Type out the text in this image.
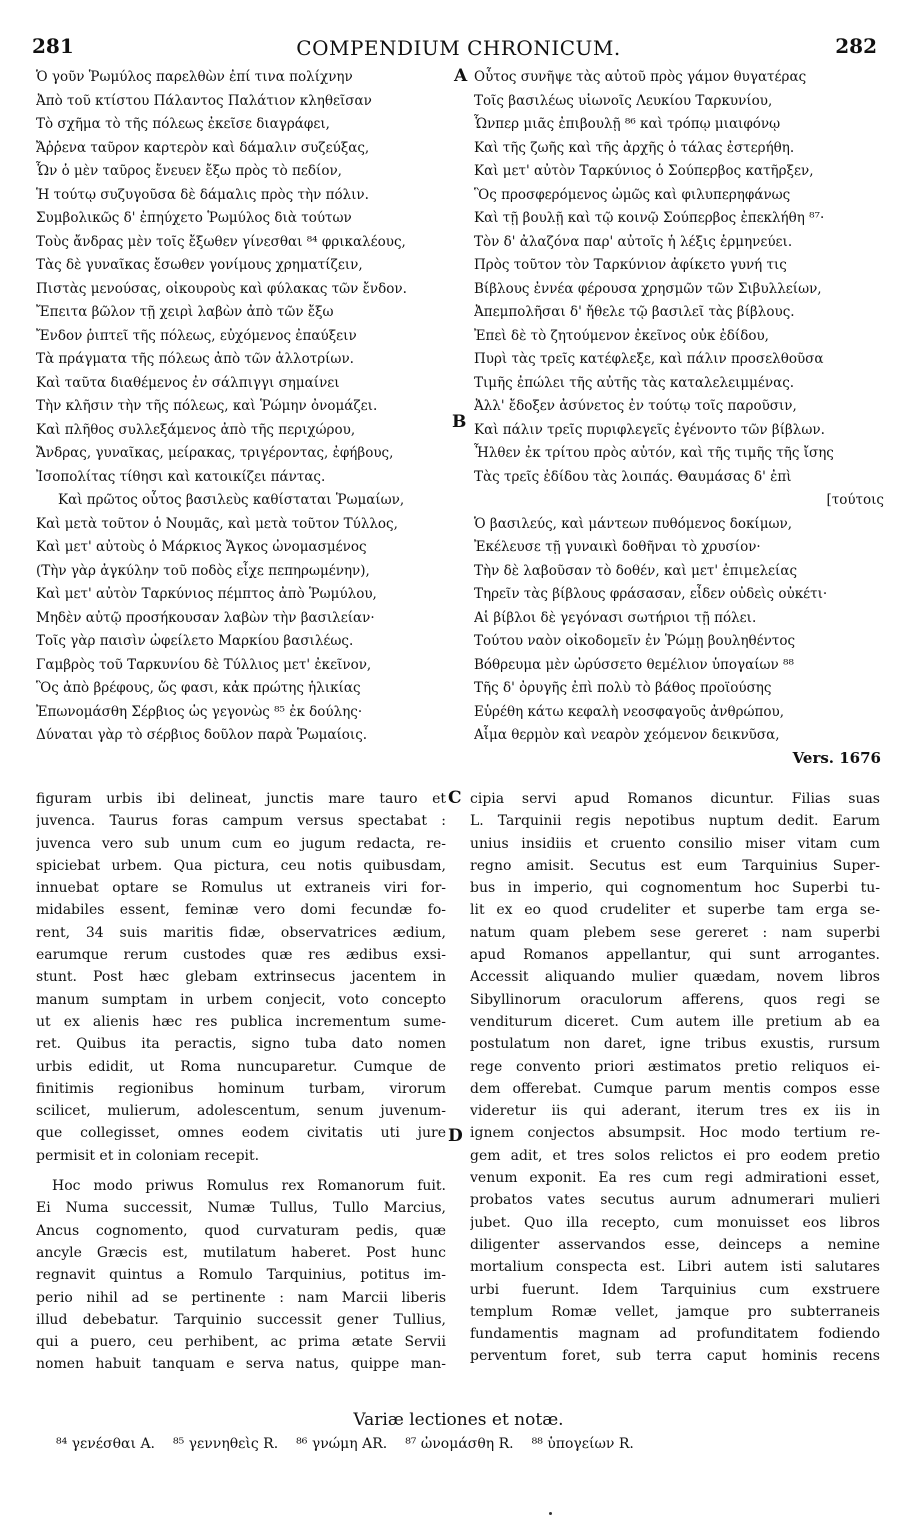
281	COMPENDIUM CHRONICUM.	282
Ὁ γοῦν Ῥωμύλος παρελθὼν ἐπί τινα πολίχνην
Ἀπὸ τοῦ κτίστου Πάλαντος Παλάτιον κληθεῖσαν
Τὸ σχῆμα τὸ τῆς πόλεως ἐκεῖσε διαγράφει,
Ἄῤῥενα ταῦρον καρτερὸν καὶ δάμαλιν συζεύξας,
Ὧν ὁ μὲν ταῦρος ἔνευεν ἔξω πρὸς τὸ πεδίον,
Ἡ τούτῳ συζυγοῦσα δὲ δάμαλις πρὸς τὴν πόλιν.
Συμβολικῶς δ' ἐπηύχετο Ῥωμύλος διὰ τούτων
Τοὺς ἄνδρας μὲν τοῖς ἔξωθεν γίνεσθαι ⁸⁴ φρικαλέους,
Τὰς δὲ γυναῖκας ἔσωθεν γονίμους χρηματίζειν,
Πιστὰς μενούσας, οἰκουροὺς καὶ φύλακας τῶν ἔνδον.
Ἔπειτα βῶλον τῇ χειρὶ λαβὼν ἀπὸ τῶν ἔξω
Ἔνδον ῥιπτεῖ τῆς πόλεως, εὐχόμενος ἐπαύξειν
Τὰ πράγματα τῆς πόλεως ἀπὸ τῶν ἀλλοτρίων.
Καὶ ταῦτα διαθέμενος ἐν σάλπιγγι σημαίνει
Τὴν κλῆσιν τὴν τῆς πόλεως, καὶ Ῥώμην ὀνομάζει.
Καὶ πλῆθος συλλεξάμενος ἀπὸ τῆς περιχώρου,
Ἄνδρας, γυναῖκας, μείρακας, τριγέροντας, ἐφήβους,
Ἰσοπολίτας τίθησι καὶ κατοικίζει πάντας.
Καὶ πρῶτος οὗτος βασιλεὺς καθίσταται Ῥωμαίων,
Καὶ μετὰ τοῦτον ὁ Νουμᾶς, καὶ μετὰ τοῦτον Τύλλος,
Καὶ μετ' αὐτοὺς ὁ Μάρκιος Ἄγκος ὠνομασμένος
(Τὴν γὰρ ἀγκύλην τοῦ ποδὸς εἶχε πεπηρωμένην),
Καὶ μετ' αὐτὸν Ταρκύνιος πέμπτος ἀπὸ Ῥωμύλου,
Μηδὲν αὐτῷ προσήκουσαν λαβὼν τὴν βασιλείαν·
Τοῖς γὰρ παισὶν ὠφείλετο Μαρκίου βασιλέως.
Γαμβρὸς τοῦ Ταρκυνίου δὲ Τύλλιος μετ' ἐκεῖνον,
Ὃς ἀπὸ βρέφους, ὥς φασι, κἀκ πρώτης ἡλικίας
Ἐπωνομάσθη Σέρβιος ὡς γεγονὼς ⁸⁵ ἐκ δούλης·
Δύναται γὰρ τὸ σέρβιος δοῦλον παρὰ Ῥωμαίοις.
Οὗτος συνῆψε τὰς αὐτοῦ πρὸς γάμον θυγατέρας
Τοῖς βασιλέως υἱωνοῖς Λευκίου Ταρκυνίου,
Ὧνπερ μιᾶς ἐπιβουλῇ ⁸⁶ καὶ τρόπῳ μιαιφόνῳ
Καὶ τῆς ζωῆς καὶ τῆς ἀρχῆς ὁ τάλας ἐστερήθη.
Καὶ μετ' αὐτὸν Ταρκύνιος ὁ Σούπερβος κατῆρξεν,
Ὃς προσφερόμενος ὠμῶς καὶ φιλυπερηφάνως
Καὶ τῇ βουλῇ καὶ τῷ κοινῷ Σούπερβος ἐπεκλήθη ⁸⁷·
Τὸν δ' ἀλαζόνα παρ' αὐτοῖς ἡ λέξις ἑρμηνεύει.
Πρὸς τοῦτον τὸν Ταρκύνιον ἀφίκετο γυνή τις
Βίβλους ἐννέα φέρουσα χρησμῶν τῶν Σιβυλλείων,
Ἀπεμπολῆσαι δ' ἤθελε τῷ βασιλεῖ τὰς βίβλους.
Ἐπεὶ δὲ τὸ ζητούμενον ἐκεῖνος οὐκ ἐδίδου,
Πυρὶ τὰς τρεῖς κατέφλεξε, καὶ πάλιν προσελθοῦσα
Τιμῆς ἐπώλει τῆς αὐτῆς τὰς καταλελειμμένας.
Ἀλλ' ἔδοξεν ἀσύνετος ἐν τούτῳ τοῖς παροῦσιν,
Καὶ πάλιν τρεῖς πυριφλεγεῖς ἐγένοντο τῶν βίβλων.
Ἦλθεν ἐκ τρίτου πρὸς αὐτόν, καὶ τῆς τιμῆς τῆς ἴσης
Τὰς τρεῖς ἐδίδου τὰς λοιπάς. Θαυμάσας δ' ἐπὶ
[τούτοις
Ὁ βασιλεύς, καὶ μάντεων πυθόμενος δοκίμων,
Ἐκέλευσε τῇ γυναικὶ δοθῆναι τὸ χρυσίον·
Τὴν δὲ λαβοῦσαν τὸ δοθέν, καὶ μετ' ἐπιμελείας
Τηρεῖν τὰς βίβλους φράσασαν, εἶδεν οὐδεὶς οὐκέτι·
Αἱ βίβλοι δὲ γεγόνασι σωτήριοι τῇ πόλει.
Τούτου ναὸν οἰκοδομεῖν ἐν Ῥώμῃ βουληθέντος
Βόθρευμα μὲν ὠρύσσετο θεμέλιον ὑπογαίων ⁸⁸
Τῆς δ' ὀρυγῆς ἐπὶ πολὺ τὸ βάθος προϊούσης
Εὑρέθη κάτω κεφαλὴ νεοσφαγοῦς ἀνθρώπου,
Αἷμα θερμὸν καὶ νεαρὸν χεόμενον δεικνῦσα,
A
B
C
D
Vers. 1676
figuram urbis ibi delineat, junctis mare tauro et
juvenca. Taurus foras campum versus spectabat :
juvenca vero sub unum cum eo jugum redacta, re-
spiciebat urbem. Qua pictura, ceu notis quibusdam,
innuebat optare se Romulus ut extraneis viri for-
midabiles essent, feminæ vero domi fecundæ fo-
rent, 34 suis maritis fidæ, observatrices ædium,
earumque rerum custodes quæ res ædibus exsi-
stunt. Post hæc glebam extrinsecus jacentem in
manum sumptam in urbem conjecit, voto concepto
ut ex alienis hæc res publica incrementum sume-
ret. Quibus ita peractis, signo tuba dato nomen
urbis edidit, ut Roma nuncuparetur. Cumque de
finitimis regionibus hominum turbam, virorum
scilicet, mulierum, adolescentum, senum juvenum-
que collegisset, omnes eodem civitatis uti jure
permisit et in coloniam recepit.
Hoc modo priwus Romulus rex Romanorum fuit.
Ei Numa successit, Numæ Tullus, Tullo Marcius,
Ancus cognomento, quod curvaturam pedis, quæ
ancyle Græcis est, mutilatum haberet. Post hunc
regnavit quintus a Romulo Tarquinius, potitus im-
perio nihil ad se pertinente : nam Marcii liberis
illud debebatur. Tarquinio successit gener Tullius,
qui a puero, ceu perhibent, ac prima ætate Servii
nomen habuit tanquam e serva natus, quippe man-
cipia servi apud Romanos dicuntur. Filias suas
L. Tarquinii regis nepotibus nuptum dedit. Earum
unius insidiis et cruento consilio miser vitam cum
regno amisit. Secutus est eum Tarquinius Super-
bus in imperio, qui cognomentum hoc Superbi tu-
lit ex eo quod crudeliter et superbe tam erga se-
natum quam plebem sese gereret : nam superbi
apud Romanos appellantur, qui sunt arrogantes.
Accessit aliquando mulier quædam, novem libros
Sibyllinorum oraculorum afferens, quos regi se
venditurum diceret. Cum autem ille pretium ab ea
postulatum non daret, igne tribus exustis, rursum
rege convento priori æstimatos pretio reliquos ei-
dem offerebat. Cumque parum mentis compos esse
videretur iis qui aderant, iterum tres ex iis in
ignem conjectos absumpsit. Hoc modo tertium re-
gem adit, et tres solos relictos ei pro eodem pretio
venum exponit. Ea res cum regi admirationi esset,
probatos vates secutus aurum adnumerari mulieri
jubet. Quo illa recepto, cum monuisset eos libros
diligenter asservandos esse, deinceps a nemine
mortalium conspecta est. Libri autem isti salutares
urbi fuerunt. Idem Tarquinius cum exstruere
templum Romæ vellet, jamque pro subterraneis
fundamentis magnam ad profunditatem fodiendo
perventum foret, sub terra caput hominis recens
Variæ lectiones et notæ.
⁸⁴ γενέσθαι A. ⁸⁵ γεννηθεὶς R. ⁸⁶ γνώμη AR. ⁸⁷ ὠνομάσθη R. ⁸⁸ ὑπογείων R.
